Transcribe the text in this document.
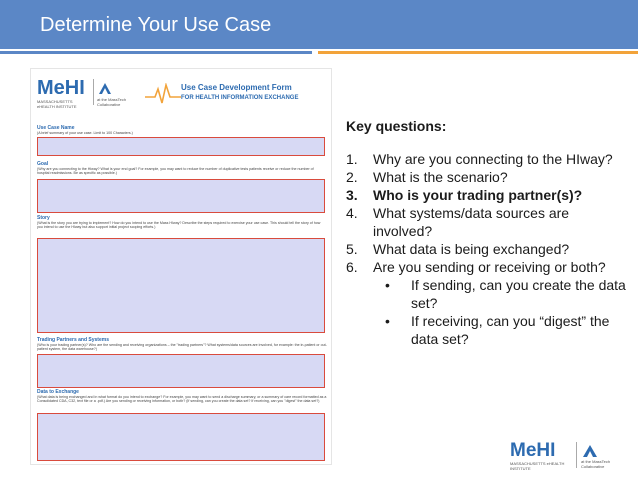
Determine Your Use Case
MeHI
MASSACHUSETTS eHEALTH INSTITUTE
at the MassTech Collaborative
Use Case Development Form
FOR HEALTH INFORMATION EXCHANGE
Use Case Name
(A brief summary of your use case. Limit to 100 Characters.)
Goal
(Why are you connecting to the Hiway? What is your end goal? For example, you may want to reduce the number of duplicative tests patients receive or reduce the number of hospital readmissions. Be as specific as possible.)
Story
(What is the story you are trying to implement? How do you intend to use the Mass HIway? Describe the steps required to exercise your use case. This should tell the story of how you intend to use the HIway but also support initial project scoping efforts.)
Trading Partners and Systems
(Who is your trading partner(s)? Who are the sending and receiving organizations – the "trading partners"? What systems/data sources are involved, for example: the in-patient or out-patient system, the data warehouse?)
Data to Exchange
(What data is being exchanged and in what format do you intend to exchange? For example, you may want to send a discharge summary, or a summary of care record formatted as a Consolidated CDA, C32, text file or a .pdf.) Are you sending or receiving information, or both? (If sending, can you create the data set? If receiving, can you "digest" the data set?)
Key questions:
1. Why are you connecting to the HIway?
2. What is the scenario?
3. Who is your trading partner(s)?
4. What systems/data sources are involved?
5. What data is being exchanged?
6. Are you sending or receiving or both?
• If sending, can you create the data set?
• If receiving, can you “digest” the data set?
MeHI
MASSACHUSETTS eHEALTH INSTITUTE
at the MassTech Collaborative
